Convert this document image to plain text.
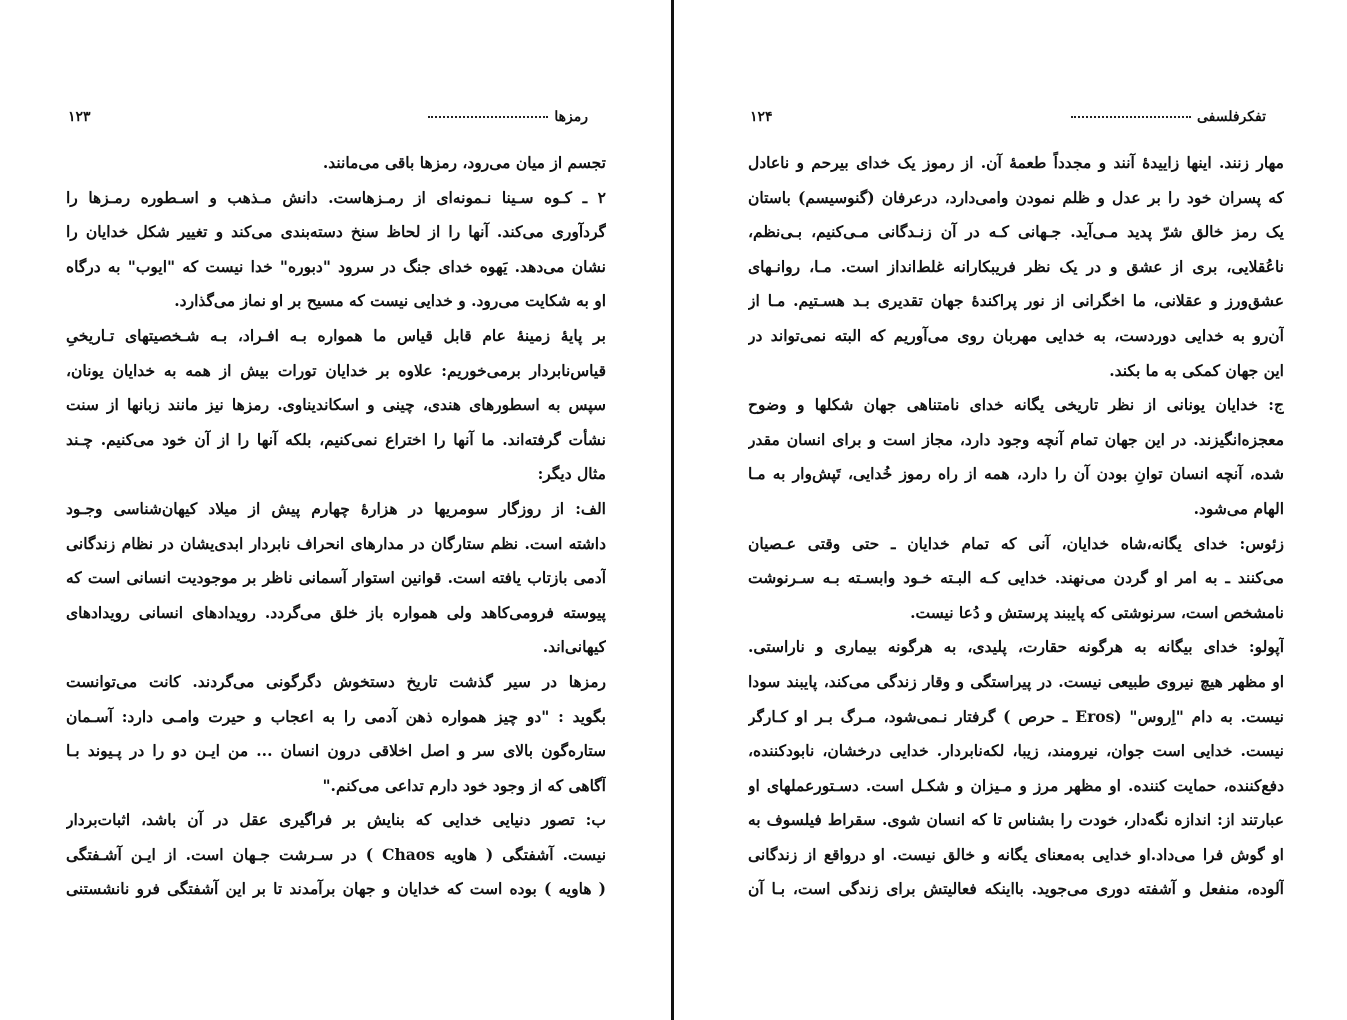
تفکرفلسفی
۱۲۴
مهار زنند. اینها زاییدهٔ آنند و مجدداً طعمهٔ آن. از رموز یک خدای بیرحم و ناعادل
که پسران خود را بر عدل و ظلم نمودن وامی‌دارد، درعرفان (گنوسیسم) باستان
یک رمز خالق شرّ پدید مـی‌آید. جـهانی کـه در آن زنـدگانی مـی‌کنیم، بـی‌نظم،
ناعُقلایی، بری از عشق و در یک نظر فریبکارانه غلط‌انداز است. مـا، روانـهای
عشق‌ورز و عقلانی، ما اخگرانی از نور پراکندهٔ جهان تقدیری بـد هسـتیم. مـا از
آن‌رو به خدایی دوردست، به خدایی مهربان روی می‌آوریم که البته نمی‌تواند در
این جهان کمکی به ما بکند.
ج: خدایان یونانی از نظر تاریخی یگانه خدای نامتناهی جهان شکلها و وضوح
معجزه‌انگیزند. در این جهان تمام آنچه وجود دارد، مجاز است و برای انسان مقدر
شده، آنچه انسان توانِ بودن آن را دارد، همه از راه رموز خُدایی، تَپش‌وار به مـا
الهام می‌شود.
زئوس: خدای یگانه،شاه خدایان، آنی که تمام خدایان ـ حتی وقتی عـصیان
می‌کنند ـ به امر او گردن می‌نهند. خدایی کـه البـته خـود وابسـته بـه سـرنوشت
نامشخص است، سرنوشتی که پایبند پرستش و دُعا نیست.
آپولو: خدای بیگانه به هرگونه حقارت، پلیدی، به هرگونه بیماری و ناراستی.
او مظهر هیچ نیروی طبیعی نیست. در پیراستگی و وقار زندگی می‌کند، پایبند سودا
نیست. به دام "اِروس" (Eros ـ حرص ) گرفتار نـمی‌شود، مـرگ بـر او کـارگر
نیست. خدایی است جوان، نیرومند، زیبا، لکه‌نابردار. خدایی درخشان، نابودکننده،
دفع‌کننده، حمایت کننده. او مظهر مرز و مـیزان و شکـل است. دسـتورعملهای او
عبارتند از: اندازه نگه‌دار، خودت را بشناس تا که انسان شوی. سقراط فیلسوف به
او گوش فرا می‌داد.او خدایی به‌معنای یگانه و خالق نیست. او درواقع از زندگانی
آلوده، منفعل و آشفته دوری می‌جوید. بااینکه فعالیتش برای زندگی است، بـا آن
رمزها
۱۲۳
تجسم از میان می‌رود، رمزها باقی می‌مانند.
۲ ـ کـوه سـینا نـمونه‌ای از رمـزهاست. دانش مـذهب و اسـطوره رمـزها را
گردآوری می‌کند. آنها را از لحاظ سنخ دسته‌بندی می‌کند و تغییر شکل خدایان را
نشان می‌دهد. یَهوه خدای جنگ در سرود "دبوره" خدا نیست که "ایوب" به درگاه
او به شکایت می‌رود. و خدایی نیست که مسیح بر او نماز می‌گذارد.
بر پایهٔ زمینهٔ عام قابل قیاس ما همواره بـه افـراد، بـه شـخصیتهای تـاریخیِ
قیاس‌نابردار برمی‌خوریم: علاوه بر خدایان تورات بیش از همه به خدایان یونان،
سپس به اسطورهای هندی، چینی و اسکاندیناوی. رمزها نیز مانند زبانها از سنت
نشأت گرفته‌اند. ما آنها را اختراع نمی‌کنیم، بلکه آنها را از آن خود می‌کنیم. چـند
مثال دیگر:
الف: از روزگار سومریها در هزارهٔ چهارم پیش از میلاد کیهان‌شناسی وجـود
داشته است. نظم ستارگان در مدارهای انحراف نابردار ابدی‌یشان در نظام زندگانی
آدمی بازتاب یافته است. قوانین استوار آسمانی ناظر بر موجودیت انسانی است که
پیوسته فرومی‌کاهد ولی همواره باز خلق می‌گردد. رویدادهای انسانی رویدادهای
کیهانی‌اند.
رمزها در سیر گذشت تاریخ دستخوش دگرگونی می‌گردند. کانت می‌توانست
بگوید : "دو چیز همواره ذهن آدمی را به اعجاب و حیرت وامـی دارد: آسـمان
ستاره‌گون بالای سر و اصل اخلاقی درون انسان ... من ایـن دو را در پـیوند بـا
آگاهی که از وجود خود دارم تداعی می‌کنم."
ب: تصور دنیایی خدایی که بنایش بر فراگیری عقل در آن باشد، اثبات‌بردار
نیست. آشفتگی ( هاویه Chaos ) در سـرشت جـهان است. از ایـن آشـفتگی
( هاویه ) بوده است که خدایان و جهان برآمدند تا بر این آشفتگی فرو نانشستنی
